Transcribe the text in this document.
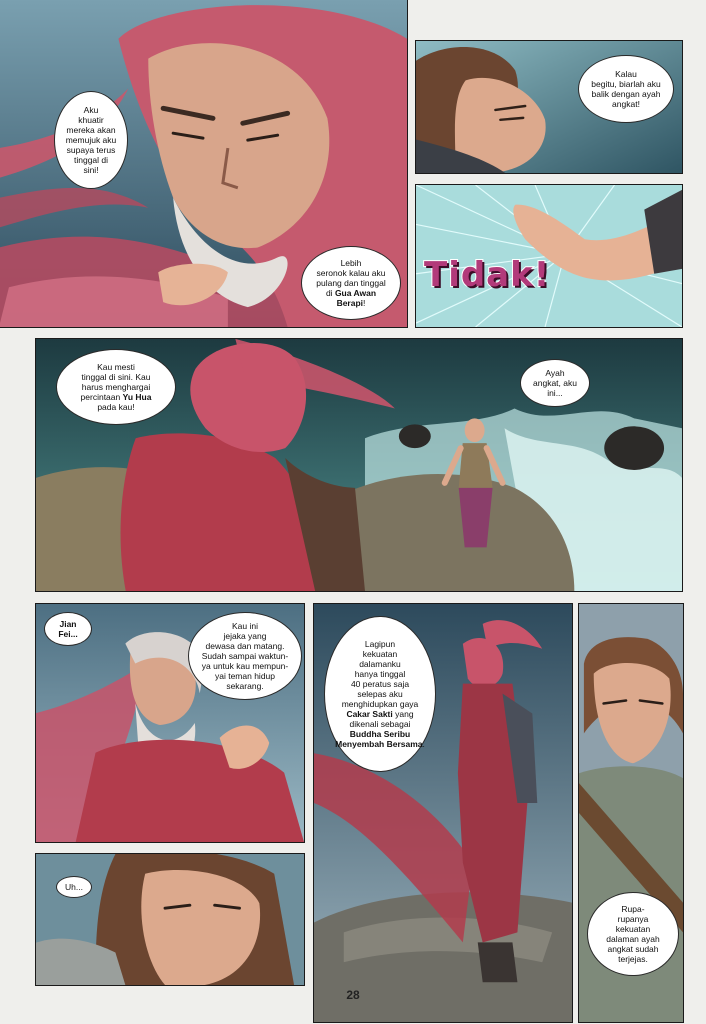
Aku
khuatir
mereka akan
memujuk aku
supaya terus
tinggal di
sini!
Lebih
seronok kalau aku
pulang dan tinggal
di Gua Awan
Berapi!
Kalau
begitu, biarlah aku
balik dengan ayah
angkat!
Tidak!
Kau mesti
tinggal di sini. Kau
harus menghargai
percintaan Yu Hua
pada kau!
Ayah
angkat, aku
ini...
Jian
Fei...
Kau ini
jejaka yang
dewasa dan matang.
Sudah sampai waktun-
ya untuk kau mempun-
yai teman hidup
sekarang.
Lagipun
kekuatan
dalamanku
hanya tinggal
40 peratus saja
selepas aku
menghidupkan gaya
Cakar Sakti yang dikenali sebagai
Buddha Seribu Menyembah Bersama.
Rupa-
rupanya
kekuatan
dalaman ayah
angkat sudah
terjejas.
Uh...
28
